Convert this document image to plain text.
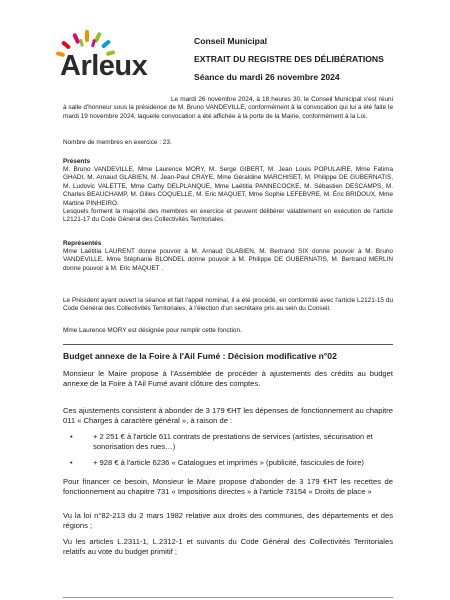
Arleux
Conseil Municipal
EXTRAIT DU REGISTRE DES DÉLIBÉRATIONS
Séance du mardi 26 novembre 2024
Le mardi 26 novembre 2024, à 18 heures 30, le Conseil Municipal s'est réuni à salle d'honneur sous la présidence de M. Bruno VANDEVILLE, conformément à la convocation qui lui a été faite le mardi 19 novembre 2024, laquelle convocation a été affichée à la porte de la Mairie, conformément à la Loi.
Nombre de membres en exercice : 23.
Présents
M. Bruno VANDEVILLE, Mme Laurence MORY, M. Serge GIBERT, M. Jean Louis POPULAIRE, Mme Fatima GHADI, M. Arnaud GLABIEN, M. Jean-Paul CRAYE, Mme Géraldine MARCHISET, M. Philippe DE GUBERNATIS, M. Ludovic VALETTE, Mme Cathy DELPLANQUE, Mme Laëtitia PANNECOCKE, M. Sébastien DESCAMPS, M. Charles BEAUCHAMP, M. Gilles COQUELLE, M. Eric MAQUET, Mme Sophie LEFEBVRE, M. Éric BRIDOUX, Mme Martine PINHEIRO.
Lesquels forment la majorité des membres en exercice et peuvent délibérer valablement en exécution de l'article L2121-17 du Code Général des Collectivités Territoriales.
Représentés
Mme Laëtitia LAURENT donne pouvoir à M. Arnaud GLABIEN, M. Bertrand SIX donne pouvoir à M. Bruno VANDEVILLE, Mme Stéphanie BLONDEL donne pouvoir à M. Philippe DE GUBERNATIS, M. Bertrand MERLIN donne pouvoir à M. Eric MAQUET .
Le Président ayant ouvert la séance et fait l'appel nominal, il a été procédé, en conformité avec l'article L2121-15 du Code Général des Collectivités Territoriales, à l'élection d'un secrétaire pris au sein du Conseil.
Mme Laurence MORY est désignée pour remplir cette fonction.
Budget annexe de la Foire à l'Ail Fumé : Décision modificative n°02
Monsieur le Maire propose à l'Assemblée de procéder à ajustements des crédits au budget annexe de la Foire à l'Ail Fumé avant clôture des comptes.
Ces ajustements consistent à abonder de 3 179 €HT les dépenses de fonctionnement au chapitre 011 « Charges à caractère général », à raison de :
•	+ 2 251 € à l'article 611 contrats de prestations de services (artistes, sécurisation et sonorisation des rues…)
•	+ 928 € à l'article 6236 « Catalogues et imprimés » (publicité, fascicules de foire)
Pour financer ce besoin, Monsieur le Maire propose d'abonder de 3 179 €HT les recettes de fonctionnement au chapitre 731 « Impositions directes » à l'article 73154 « Droits de place »
Vu la loi n°82-213 du 2 mars 1982 relative aux droits des communes, des départements et des régions ;
Vu les articles L.2311-1, L.2312-1 et suivants du Code Général des Collectivités Territoriales relatifs au vote du budget primitif ;
